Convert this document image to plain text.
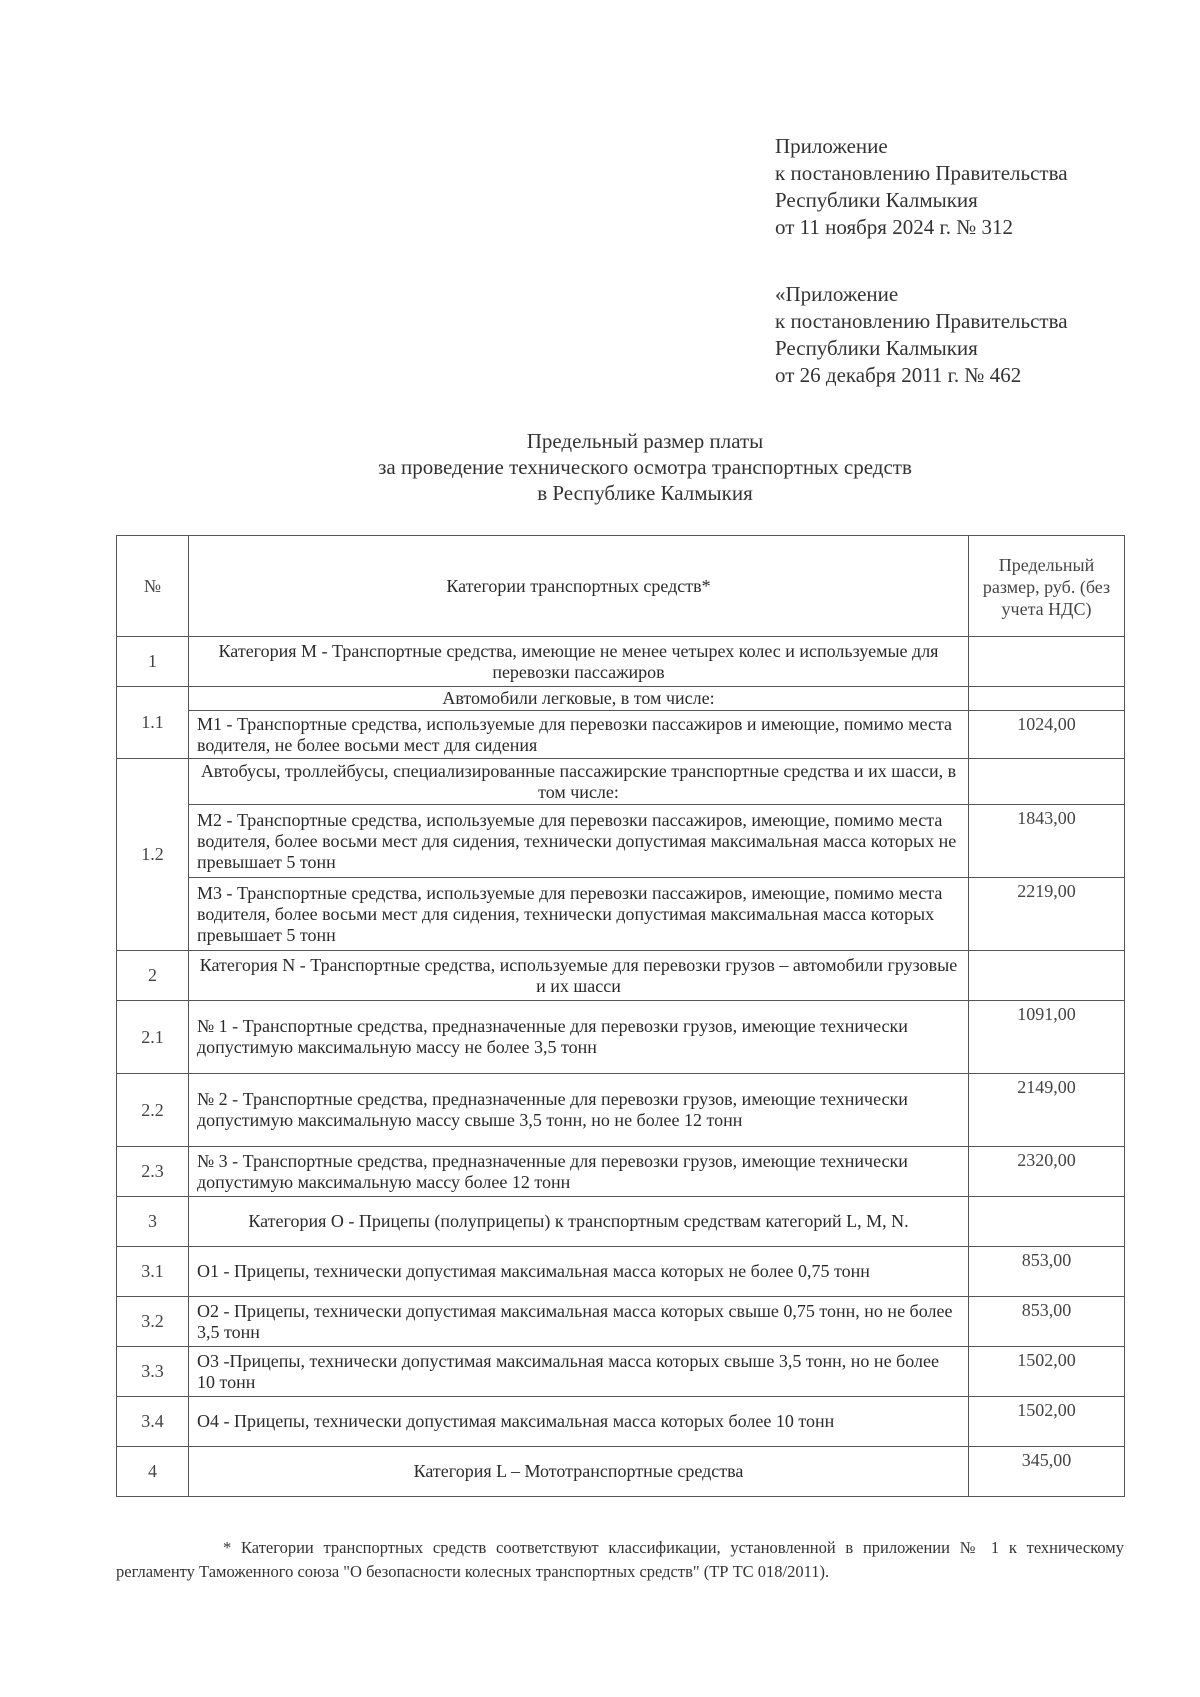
Приложение
к постановлению Правительства
Республики Калмыкия
от 11 ноября 2024 г. № 312
«Приложение
к постановлению Правительства
Республики Калмыкия
от 26 декабря 2011 г. № 462
Предельный размер платы
за проведение технического осмотра транспортных средств
в Республике Калмыкия
№	Категории транспортных средств*	Предельный размер, руб. (без учета НДС)
1	Категория М - Транспортные средства, имеющие не менее четырех колес и используемые для перевозки пассажиров	
1.1	Автомобили легковые, в том числе:	
	М1 - Транспортные средства, используемые для перевозки пассажиров и имеющие, помимо места водителя, не более восьми мест для сидения	1024,00
1.2	Автобусы, троллейбусы, специализированные пассажирские транспортные средства и их шасси, в том числе:	
	М2 - Транспортные средства, используемые для перевозки пассажиров, имеющие, помимо места водителя, более восьми мест для сидения, технически допустимая максимальная масса которых не превышает 5 тонн	1843,00
	М3 - Транспортные средства, используемые для перевозки пассажиров, имеющие, помимо места водителя, более восьми мест для сидения, технически допустимая максимальная масса которых превышает 5 тонн	2219,00
2	Категория N - Транспортные средства, используемые для перевозки грузов – автомобили грузовые и их шасси	
2.1	№ 1 - Транспортные средства, предназначенные для перевозки грузов, имеющие технически допустимую максимальную массу не более 3,5 тонн	1091,00
2.2	№ 2 - Транспортные средства, предназначенные для перевозки грузов, имеющие технически допустимую максимальную массу свыше 3,5 тонн, но не более 12 тонн	2149,00
2.3	№ 3 - Транспортные средства, предназначенные для перевозки грузов, имеющие технически допустимую максимальную массу более 12 тонн	2320,00
3	Категория О - Прицепы (полуприцепы) к транспортным средствам категорий L, M, N.	
3.1	О1 - Прицепы, технически допустимая максимальная масса которых не более 0,75 тонн	853,00
3.2	О2 - Прицепы, технически допустимая максимальная масса которых свыше 0,75 тонн, но не более 3,5 тонн	853,00
3.3	О3 -Прицепы, технически допустимая максимальная масса которых свыше 3,5 тонн, но не более 10 тонн	1502,00
3.4	О4 - Прицепы, технически допустимая максимальная масса которых более 10 тонн	1502,00
4	Категория L – Мототранспортные средства	345,00
* Категории транспортных средств соответствуют классификации, установленной в приложении № 1 к техническому регламенту Таможенного союза "О безопасности колесных транспортных средств" (ТР ТС 018/2011).
